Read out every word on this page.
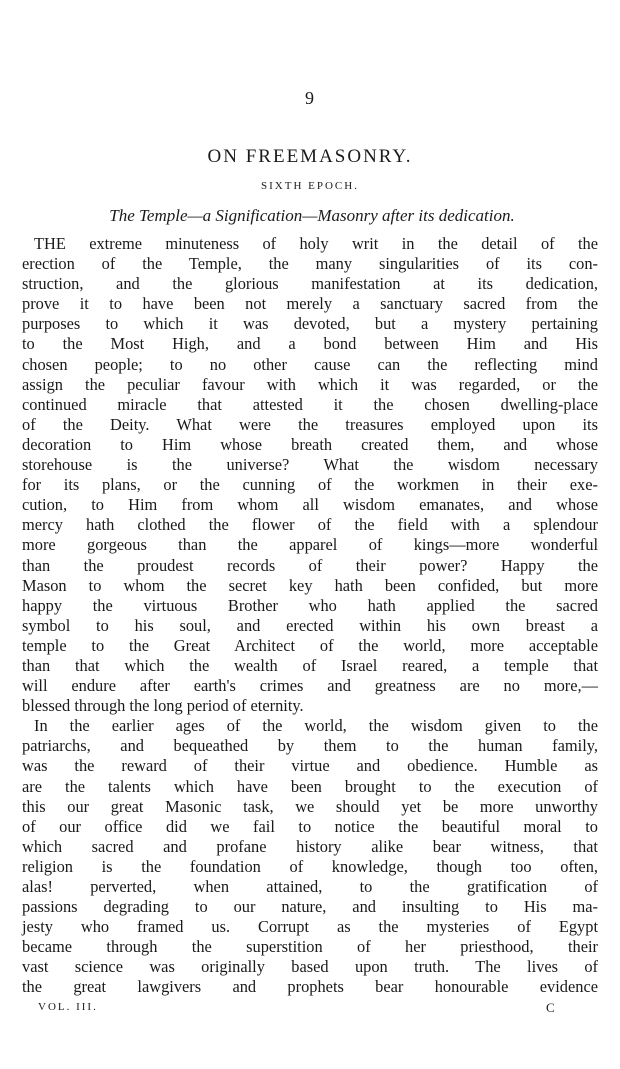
9
ON FREEMASONRY.
SIXTH EPOCH.
The Temple—a Signification—Masonry after its dedication.
THE extreme minuteness of holy writ in the detail of the
erection of the Temple, the many singularities of its con-
struction, and the glorious manifestation at its dedication,
prove it to have been not merely a sanctuary sacred from the
purposes to which it was devoted, but a mystery pertaining
to the Most High, and a bond between Him and His
chosen people; to no other cause can the reflecting mind
assign the peculiar favour with which it was regarded, or the
continued miracle that attested it the chosen dwelling-place
of the Deity. What were the treasures employed upon its
decoration to Him whose breath created them, and whose
storehouse is the universe? What the wisdom necessary
for its plans, or the cunning of the workmen in their exe-
cution, to Him from whom all wisdom emanates, and whose
mercy hath clothed the flower of the field with a splendour
more gorgeous than the apparel of kings—more wonderful
than the proudest records of their power? Happy the
Mason to whom the secret key hath been confided, but more
happy the virtuous Brother who hath applied the sacred
symbol to his soul, and erected within his own breast a
temple to the Great Architect of the world, more acceptable
than that which the wealth of Israel reared, a temple that
will endure after earth's crimes and greatness are no more,—
blessed through the long period of eternity.
In the earlier ages of the world, the wisdom given to the
patriarchs, and bequeathed by them to the human family,
was the reward of their virtue and obedience. Humble as
are the talents which have been brought to the execution of
this our great Masonic task, we should yet be more unworthy
of our office did we fail to notice the beautiful moral to
which sacred and profane history alike bear witness, that
religion is the foundation of knowledge, though too often,
alas! perverted, when attained, to the gratification of
passions degrading to our nature, and insulting to His ma-
jesty who framed us. Corrupt as the mysteries of Egypt
became through the superstition of her priesthood, their
vast science was originally based upon truth. The lives of
the great lawgivers and prophets bear honourable evidence
VOL. III.	C
